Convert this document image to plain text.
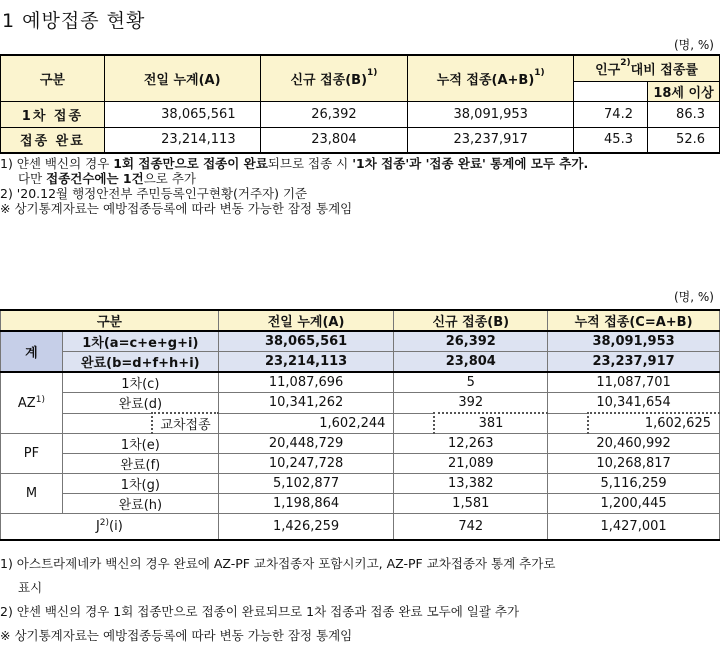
1 예방접종 현황
(명, %)
구분	전일 누계(A)	신규 접종$(B)^{1)}$	누적 접종$(A+B)^{1)}$	인구$^{2)}$대비 접종률	
					18세 이상
1차 접종	38,065,561	26,392	38,091,953	74.2	86.3
접종 완료	23,214,113	23,804	23,237,917	45.3	52.6
1) 얀센 백신의 경우 1회 접종만으로 접종이 완료되므로 접종 시 '1차 접종'과 '접종 완료' 통계에 모두 추가.
다만 접종건수에는 1건으로 추가
2) '20.12월 행정안전부 주민등록인구현황(거주자) 기준
※ 상기통계자료는 예방접종등록에 따라 변동 가능한 잠정 통계임
(명, %)
구분			전일 누계(A)	신규 접종(B)		누적 접종(C=A+B)	
계	1차(a=c+e+g+i)		38,065,561	26,392		38,091,953	
	완료(b=d+f+h+i)		23,214,113	23,804		23,237,917	
AZ$^{1)}$	1차(c)		11,087,696	5		11,087,701	
	완료(d)		10,341,262	392		10,341,654	
		교차접종	1,602,244		381		1,602,625
PF	1차(e)		20,448,729	12,263		20,460,992	
	완료(f)		10,247,728	21,089		10,268,817	
M	1차(g)		5,102,877	13,382		5,116,259	
	완료(h)		1,198,864	1,581		1,200,445	
$J^{2)}(i)$			1,426,259	742		1,427,001	
1) 아스트라제네카 백신의 경우 완료에 AZ-PF 교차접종자 포함시키고, AZ-PF 교차접종자 통계 추가로
표시
2) 얀센 백신의 경우 1회 접종만으로 접종이 완료되므로 1차 접종과 접종 완료 모두에 일괄 추가
※ 상기통계자료는 예방접종등록에 따라 변동 가능한 잠정 통계임
